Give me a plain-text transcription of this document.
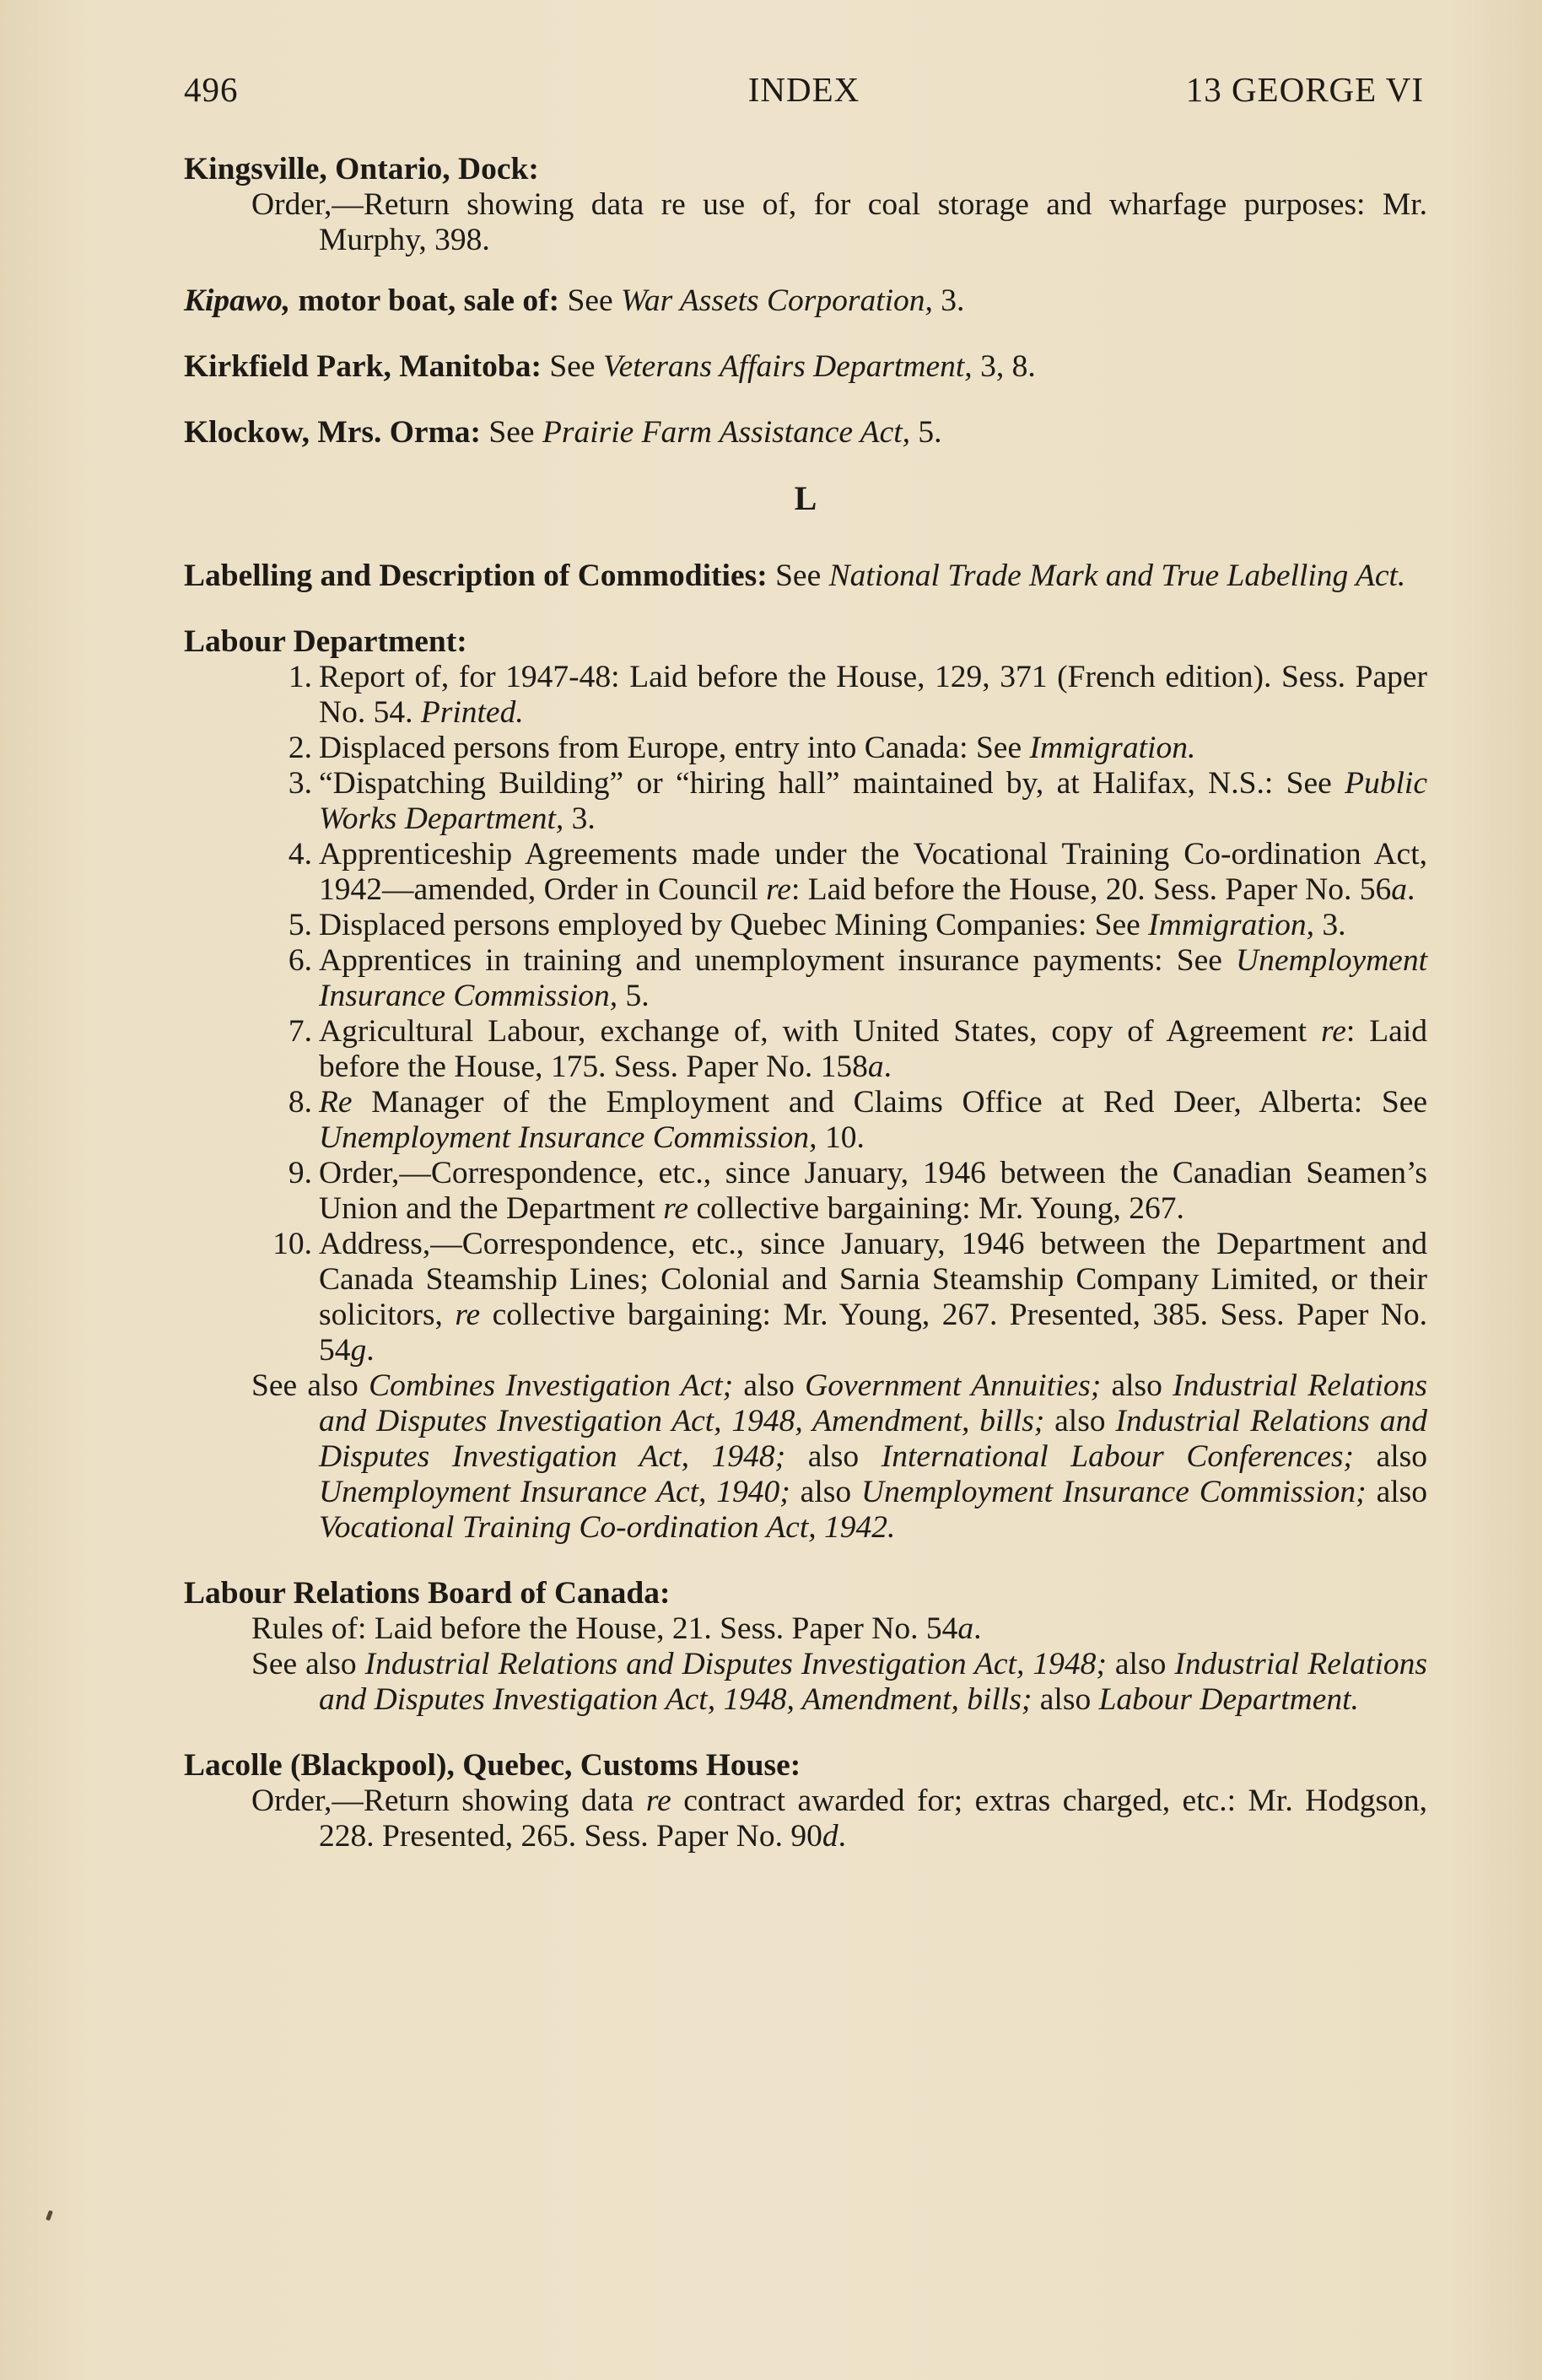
496	INDEX	13 GEORGE VI
Kingsville, Ontario, Dock:
Order,—Return showing data re use of, for coal storage and wharfage purposes: Mr. Murphy, 398.
Kipawo, motor boat, sale of: See War Assets Corporation, 3.
Kirkfield Park, Manitoba: See Veterans Affairs Department, 3, 8.
Klockow, Mrs. Orma: See Prairie Farm Assistance Act, 5.
L
Labelling and Description of Commodities: See National Trade Mark and True Labelling Act.
Labour Department:
1. Report of, for 1947-48: Laid before the House, 129, 371 (French edition). Sess. Paper No. 54. Printed.
2. Displaced persons from Europe, entry into Canada: See Immigration.
3. “Dispatching Building” or “hiring hall” maintained by, at Halifax, N.S.: See Public Works Department, 3.
4. Apprenticeship Agreements made under the Vocational Training Co-ordination Act, 1942—amended, Order in Council re: Laid before the House, 20. Sess. Paper No. 56a.
5. Displaced persons employed by Quebec Mining Companies: See Immigration, 3.
6. Apprentices in training and unemployment insurance payments: See Unemployment Insurance Commission, 5.
7. Agricultural Labour, exchange of, with United States, copy of Agreement re: Laid before the House, 175. Sess. Paper No. 158a.
8. Re Manager of the Employment and Claims Office at Red Deer, Alberta: See Unemployment Insurance Commission, 10.
9. Order,—Correspondence, etc., since January, 1946 between the Canadian Seamen’s Union and the Department re collective bargaining: Mr. Young, 267.
10. Address,—Correspondence, etc., since January, 1946 between the Department and Canada Steamship Lines; Colonial and Sarnia Steamship Company Limited, or their solicitors, re collective bargaining: Mr. Young, 267. Presented, 385. Sess. Paper No. 54g.
See also Combines Investigation Act; also Government Annuities; also Industrial Relations and Disputes Investigation Act, 1948, Amendment, bills; also Industrial Relations and Disputes Investigation Act, 1948; also International Labour Conferences; also Unemployment Insurance Act, 1940; also Unemployment Insurance Commission; also Vocational Training Co-ordination Act, 1942.
Labour Relations Board of Canada:
Rules of: Laid before the House, 21. Sess. Paper No. 54a.
See also Industrial Relations and Disputes Investigation Act, 1948; also Industrial Relations and Disputes Investigation Act, 1948, Amendment, bills; also Labour Department.
Lacolle (Blackpool), Quebec, Customs House:
Order,—Return showing data re contract awarded for; extras charged, etc.: Mr. Hodgson, 228. Presented, 265. Sess. Paper No. 90d.
